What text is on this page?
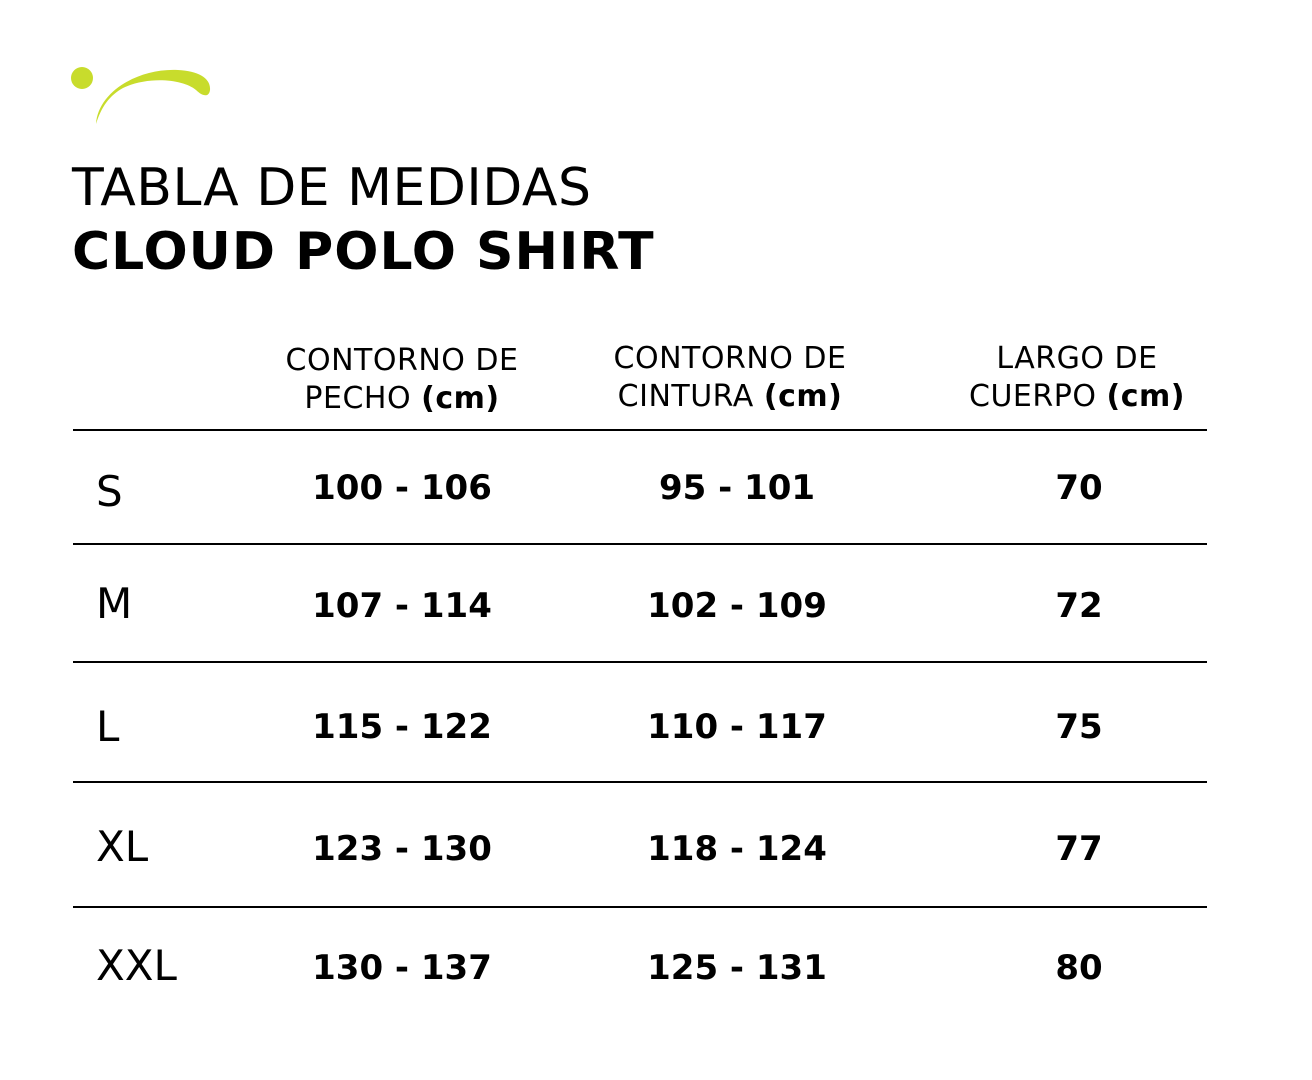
TABLA DE MEDIDAS
CLOUD POLO SHIRT
CONTORNO DE
PECHO (cm)
CONTORNO DE
CINTURA (cm)
LARGO DE
CUERPO (cm)
S	100 - 106	95 - 101	70
M	107 - 114	102 - 109	72
L	115 - 122	110 - 117	75
XL	123 - 130	118 - 124	77
XXL	130 - 137	125 - 131	80
